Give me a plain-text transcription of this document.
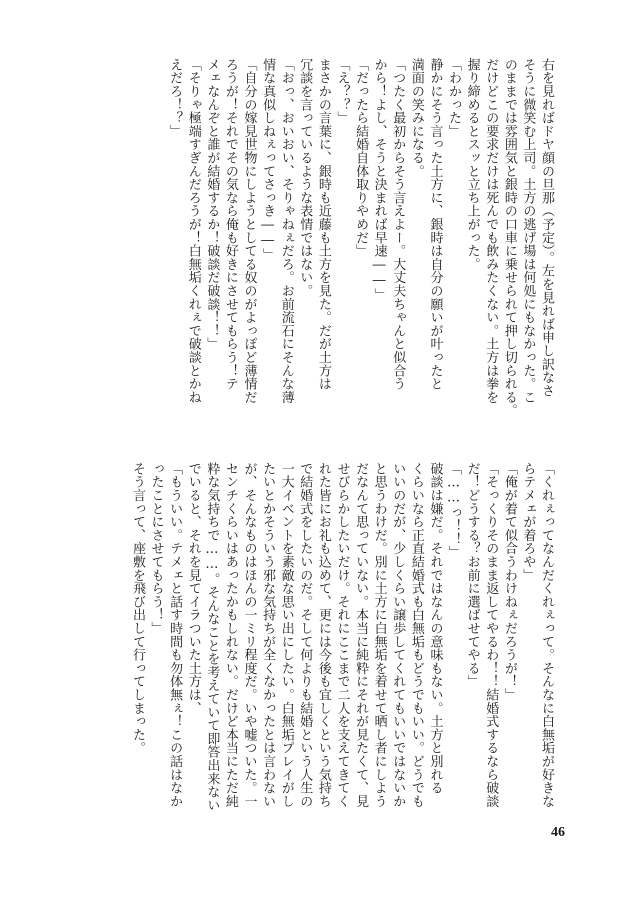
右を見ればドヤ顔の旦那（予定）。左を見れば申し訳なさ
そうに微笑む上司。土方の逃げ場は何処にもなかった。こ
のままでは雰囲気と銀時の口車に乗せられて押し切られる。
だけどこの要求だけは死んでも飲みたくない。土方は拳を
握り締めるとスッと立ち上がった。
「わかった」
静かにそう言った土方に、銀時は自分の願いが叶ったと
満面の笑みになる。
「つたく最初からそう言えよー。大丈夫ちゃんと似合う
から！よし、そうと決まれば早速――」
「だったら結婚自体取りやめだ」
「え？？」
まさかの言葉に、銀時も近藤も土方を見た。だが土方は
冗談を言っているような表情ではない。
「おっ、おいおい、そりゃねぇだろ。お前流石にそんな薄
情な真似しねぇってさっき――」
「自分の嫁見世物にしようとしてる奴のがよっぽど薄情だ
ろうが！それでその気なら俺も好きにさせてもらう！テ
メェなんぞと誰が結婚するか！破談だ破談！！」
「そりゃ極端すぎんだろうが！白無垢くれぇで破談とかね
えだろ！？」
「くれぇってなんだくれぇって。そんなに白無垢が好きな
らテメェが着ろや」
「俺が着て似合うわけねぇだろうが！」
「そっくりそのまま返してやるわ！！結婚式するなら破談
だ！どうする？お前に選ばせてやる」
「……っ！！」
破談は嫌だ。それではなんの意味もない。土方と別れる
くらいなら正直結婚式も白無垢もどうでもいい。どうでも
いいのだが、少しくらい譲歩してくれてもいいではないか
と思うわけだ。別に土方に白無垢を着せて晒し者にしよう
だなんて思っていない。本当に純粋にそれが見たくて、見
せびらかしたいだけ。それにここまで二人を支えてきてく
れた皆にお礼も込めて、更には今後も宜しくという気持ち
で結婚式をしたいのだ。そして何よりも結婚という人生の
一大イベントを素敵な思い出にしたい。白無垢プレイがし
たいとかそういう邪な気持ちが全くなかったとは言わない
が、そんなものはほんの一ミリ程度だ。いや嘘ついた。一
センチくらいはあったかもしれない。だけど本当にただ純
粋な気持ちで……。そんなことを考えていて即答出来ない
でいると、それを見てイラついた土方は、
「もういい。テメェと話す時間も勿体無ぇ！この話はなか
ったことにさせてもらう！」
そう言って、座敷を飛び出して行ってしまった。
46
